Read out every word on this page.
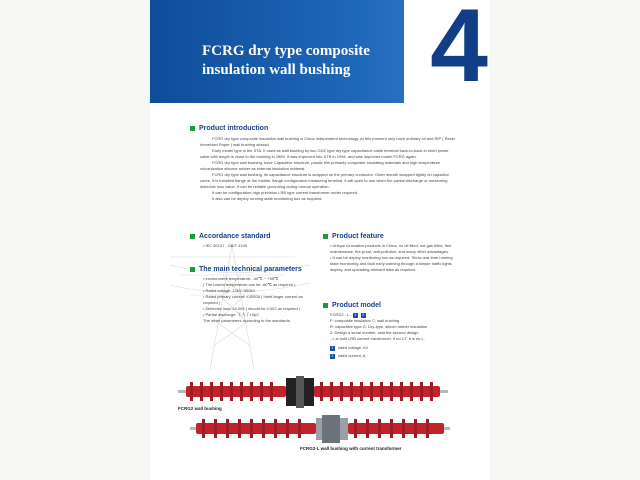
FCRG dry type composite insulation wall bushing 4
Product introduction

FCRG dry type composite insulation wall bushing is China independent technology. At this moment only have ordinary oil and RIP ( Resin Immersed Paper ) wall bushing abroad.

Early model type is the STA. It used as wall bushing by two GDZ type dry type capacitance cable terminal back-to-back in short power cable with length is close to the bushing in 1989. It was improved into STB in 1994, and was improved model FCRG again.

FCRG dry type wall bushing, have Capacitive structure, plastic film primarily composite insulating materials and high temperature vulcanization silicone rubber as external insulation material.

FCRG dry type wall bushing, its capacitance structure is wrapped on the primary conductor. Outer sheath wrapped tightly on capacitor cores. It is installed flange at the middle, flange configuration measuring terminal, it will open to use when the partial discharge or measuring dielectric loss value. It can be reliable grounding during normal operation.

It can be configuration high precision LRB type current transformer under required.

It also can be deploy running state monitoring box as required.

Accordance standard
• IEC 60137 , GB/T 4109
The main technical parameters

• environment temperature: -40℃ ~ +55℃

( The lowest temperature can be -60℃ as required )

• Rated voltage: 12kV~550kV

• Rated primary current: ≤4000A ( meet larger current as required )

• Dielectric loss: ≤0.005 ( should be 0.002 as required )

• Partial discharge: 不大于10pC

The other parameters according to the standards.

Product feature

• Unique innovative products in China, no oil filled, not gas filled, free maintenance, fire-proof, anti-pollution, and many other advantages.

• It can be deploy monitoring box as required. Show real-time running state monitoring and fault early warning through a simple traffic lights display, and uploading relevant data as required.

Product model

FCRG2 - L - 1 2

F: composite insulation C: wall bushing

R: capacitive type G: Dry-type, silicon rubber insulation

2: Design a serial number, said the second design

- L is built LRB current transformer, if no CT, it is no L.

1 rated voltage, kV

2 rated current, A

FCRG2 wall bushing
FCRG2-L wall bushing with current transformer
